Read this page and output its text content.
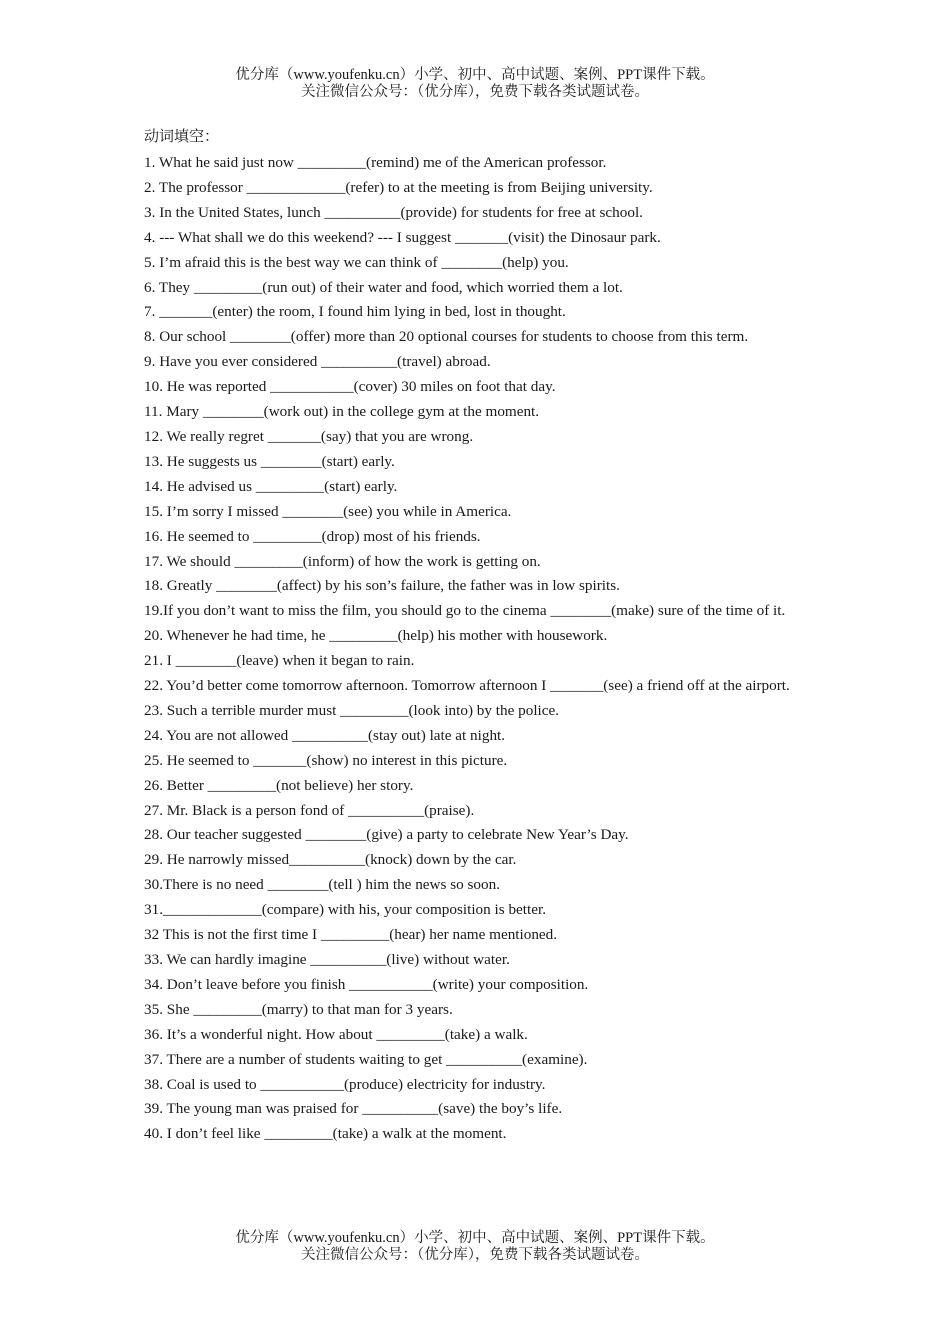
优分库（www.youfenku.cn）小学、初中、高中试题、案例、PPT课件下载。
关注微信公众号：（优分库），免费下载各类试题试卷。
动词填空：
1. What he said just now _________(remind) me of the American professor.
2. The professor _____________(refer) to at the meeting is from Beijing university.
3. In the United States, lunch __________(provide) for students for free at school.
4. --- What shall we do this weekend? --- I suggest _______(visit) the Dinosaur park.
5. I’m afraid this is the best way we can think of ________(help) you.
6. They _________(run out) of their water and food, which worried them a lot.
7. _______(enter) the room, I found him lying in bed, lost in thought.
8. Our school ________(offer) more than 20 optional courses for students to choose from this term.
9. Have you ever considered __________(travel) abroad.
10. He was reported ___________(cover) 30 miles on foot that day.
11. Mary ________(work out) in the college gym at the moment.
12. We really regret _______(say) that you are wrong.
13. He suggests us ________(start) early.
14. He advised us _________(start) early.
15. I’m sorry I missed ________(see) you while in America.
16. He seemed to _________(drop) most of his friends.
17. We should _________(inform) of how the work is getting on.
18. Greatly ________(affect) by his son’s failure, the father was in low spirits.
19.If you don’t want to miss the film, you should go to the cinema ________(make) sure of the time of it.
20. Whenever he had time, he _________(help) his mother with housework.
21. I ________(leave) when it began to rain.
22. You’d better come tomorrow afternoon. Tomorrow afternoon I _______(see) a friend off at the airport.
23. Such a terrible murder must _________(look into) by the police.
24. You are not allowed __________(stay out) late at night.
25. He seemed to _______(show) no interest in this picture.
26. Better _________(not believe) her story.
27. Mr. Black is a person fond of __________(praise).
28. Our teacher suggested ________(give) a party to celebrate New Year’s Day.
29. He narrowly missed__________(knock) down by the car.
30.There is no need ________(tell ) him the news so soon.
31._____________(compare) with his, your composition is better.
32 This is not the first time I _________(hear) her name mentioned.
33. We can hardly imagine __________(live) without water.
34. Don’t leave before you finish ___________(write) your composition.
35. She _________(marry) to that man for 3 years.
36. It’s a wonderful night. How about _________(take) a walk.
37. There are a number of students waiting to get __________(examine).
38. Coal is used to ___________(produce) electricity for industry.
39. The young man was praised for __________(save) the boy’s life.
40. I don’t feel like _________(take) a walk at the moment.
优分库（www.youfenku.cn）小学、初中、高中试题、案例、PPT课件下载。
关注微信公众号：（优分库），免费下载各类试题试卷。
